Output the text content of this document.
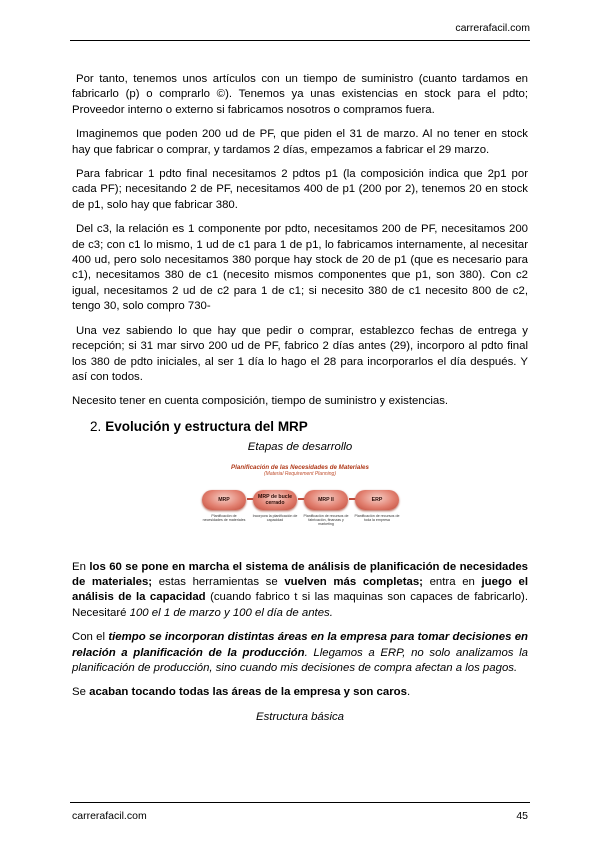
carrerafacil.com

Por tanto, tenemos unos artículos con un tiempo de suministro (cuanto tardamos en fabricarlo (p) o comprarlo ©). Tenemos ya unas existencias en stock para el pdto; Proveedor interno o externo si fabricamos nosotros o compramos fuera.

Imaginemos que poden 200 ud de PF, que piden el 31 de marzo. Al no tener en stock hay que fabricar o comprar, y tardamos 2 días, empezamos a fabricar el 29 marzo.

Para fabricar 1 pdto final necesitamos 2 pdtos p1 (la composición indica que 2p1 por cada PF); necesitando 2 de PF, necesitamos 400 de p1 (200 por 2), tenemos 20 en stock de p1, solo hay que fabricar 380.

Del c3, la relación es 1 componente por pdto, necesitamos 200 de PF, necesitamos 200 de c3; con c1 lo mismo, 1 ud de c1 para 1 de p1, lo fabricamos internamente, al necesitar 400 ud, pero solo necesitamos 380 porque hay stock de 20 de p1 (que es necesario para c1), necesitamos 380 de c1 (necesito mismos componentes que p1, son 380). Con c2 igual, necesitamos 2 ud de c2 para 1 de c1; si necesito 380 de c1 necesito 800 de c2, tengo 30, solo compro 730-

Una vez sabiendo lo que hay que pedir o comprar, establezco fechas de entrega y recepción; si 31 mar sirvo 200 ud de PF, fabrico 2 días antes (29), incorporo al pdto final los 380 de pdto iniciales, al ser 1 día lo hago el 28 para incorporarlos el día después. Y así con todos.

Necesito tener en cuenta composición, tiempo de suministro y existencias.

2. Evolución y estructura del MRP
Etapas de desarrollo
Planificación de las Necesidades de Materiales
(Material Requirement Planning)
MRP	MRP de bucle cerrado	MRP II	ERP
Planificación de necesidades de materiales
Incorpora la planificación de capacidad
Planificación de recursos de fabricación, finanzas y marketing
Planificación de recursos de toda la empresa

En los 60 se pone en marcha el sistema de análisis de planificación de necesidades de materiales; estas herramientas se vuelven más completas; entra en juego el análisis de la capacidad (cuando fabrico t si las maquinas son capaces de fabricarlo). Necesitaré 100 el 1 de marzo y 100 el día de antes.

Con el tiempo se incorporan distintas áreas en la empresa para tomar decisiones en relación a planificación de la producción. Llegamos a ERP, no solo analizamos la planificación de producción, sino cuando mis decisiones de compra afectan a los pagos.

Se acaban tocando todas las áreas de la empresa y son caros.

Estructura básica
carrerafacil.com	45
